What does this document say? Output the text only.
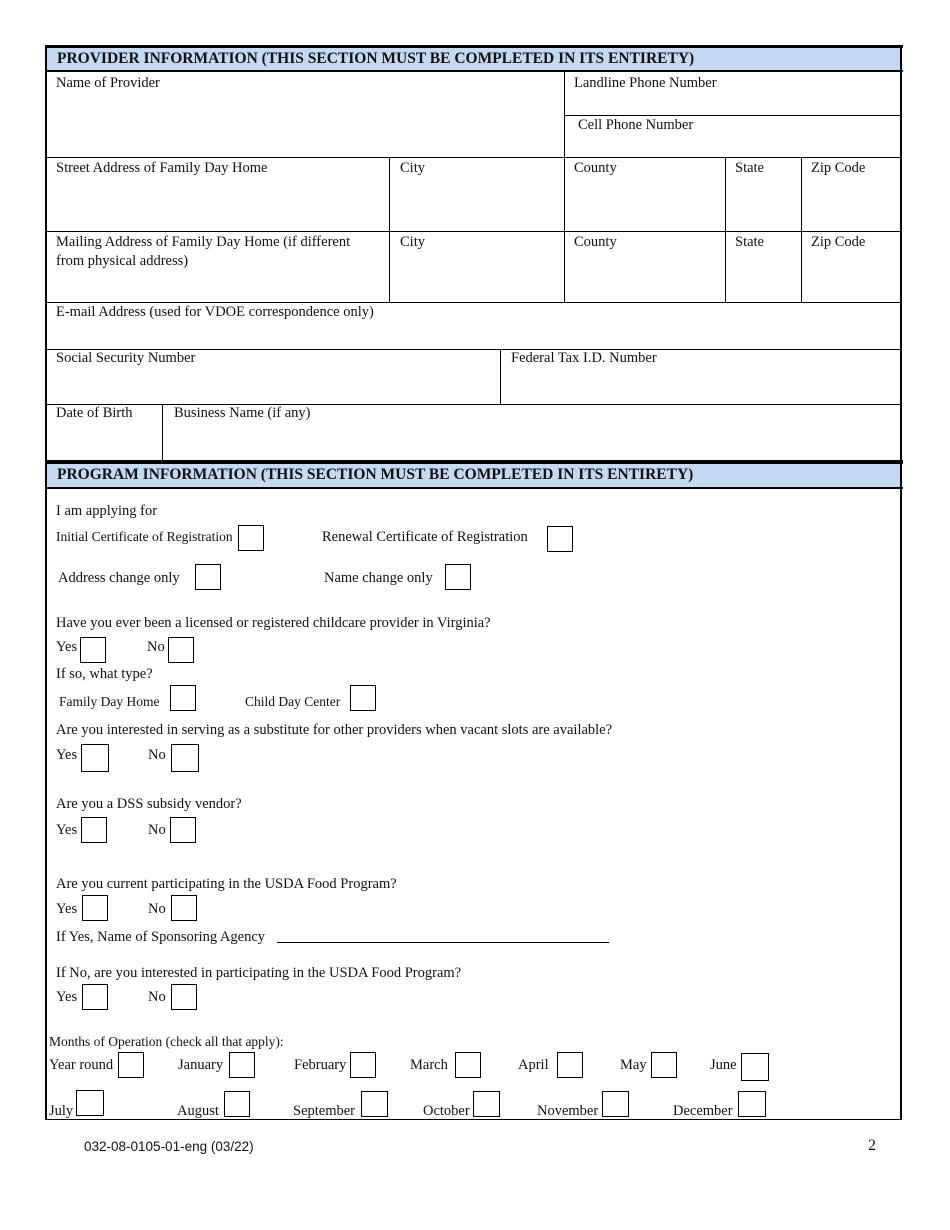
PROVIDER INFORMATION (THIS SECTION MUST BE COMPLETED IN ITS ENTIRETY)
Name of Provider	Landline Phone Number
Cell Phone Number
Street Address of Family Day Home	City	County	State	Zip Code
Mailing Address of Family Day Home (if different
from physical address)
City	County	State	Zip Code
E-mail Address (used for VDOE correspondence only)
Social Security Number	Federal Tax I.D. Number
Date of Birth	Business Name (if any)
PROGRAM INFORMATION (THIS SECTION MUST BE COMPLETED IN ITS ENTIRETY)
I am applying for
Initial Certificate of Registration	Renewal Certificate of Registration
Address change only	Name change only
Have you ever been a licensed or registered childcare provider in Virginia?
Yes	No
If so, what type?
Family Day Home	Child Day Center
Are you interested in serving as a substitute for other providers when vacant slots are available?
Yes	No
Are you a DSS subsidy vendor?
Yes	No
Are you current participating in the USDA Food Program?
Yes	No
If Yes, Name of Sponsoring Agency
If No, are you interested in participating in the USDA Food Program?
Yes	No
Months of Operation (check all that apply):
Year round	January	February	March	April	May	June
July	August	September	October	November	December
032-08-0105-01-eng (03/22)	2
